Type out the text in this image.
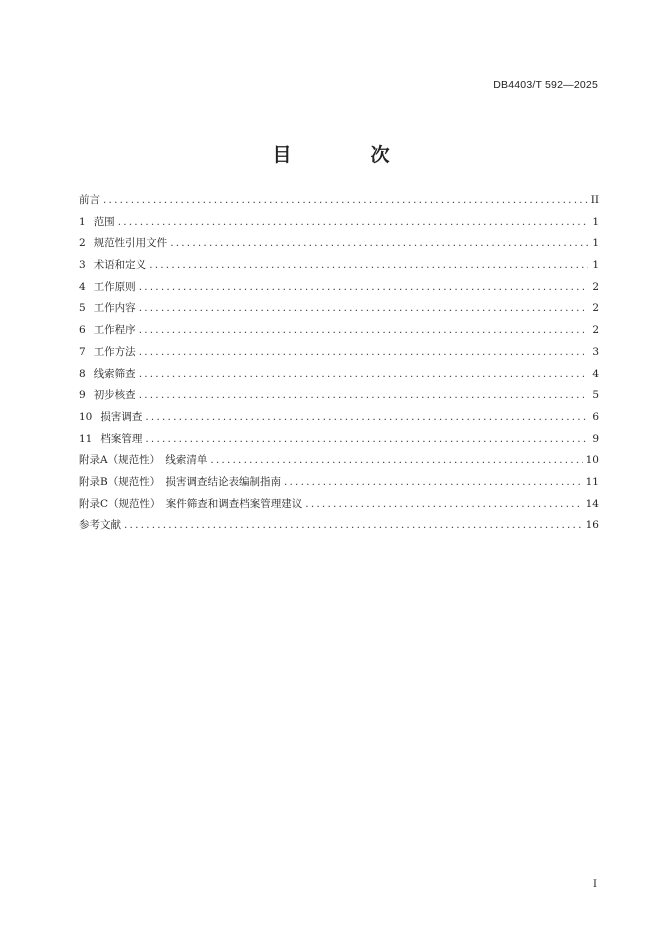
DB4403/T 592—2025
目　次
前言 .....	II
1 范围 .....	1
2 规范性引用文件 .....	1
3 术语和定义 .....	1
4 工作原则 .....	2
5 工作内容 .....	2
6 工作程序 .....	2
7 工作方法 .....	3
8 线索筛查 .....	4
9 初步核查 .....	5
10 损害调查 .....	6
11 档案管理 .....	9
附录A（规范性）　线索清单 .....	10
附录B（规范性）　损害调查结论表编制指南 .....	11
附录C（规范性）　案件筛查和调查档案管理建议 .....	14
参考文献 .....	16
I
